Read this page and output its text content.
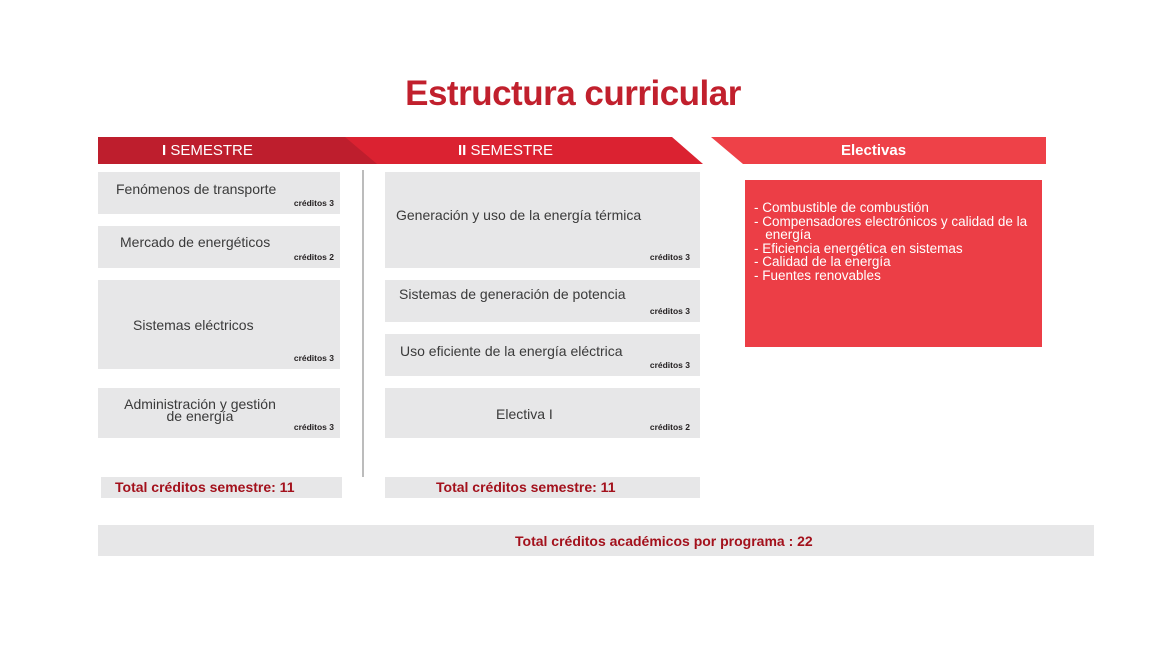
Estructura curricular
I SEMESTRE	II SEMESTRE	Electivas
Fenómenos de transporte
créditos 3
Mercado de energéticos
créditos 2
Sistemas eléctricos
créditos 3
Administración y gestión
de energía
créditos 3
Generación y uso de la energía térmica
créditos 3
Sistemas de generación de potencia
créditos 3
Uso eficiente de la energía eléctrica
créditos 3
Electiva I
créditos 2
Total créditos semestre: 11	Total créditos semestre: 11
- Combustible de combustión
- Compensadores electrónicos y calidad de la
energía
- Eficiencia energética en sistemas
- Calidad de la energía
- Fuentes renovables
Total créditos académicos por programa : 22
